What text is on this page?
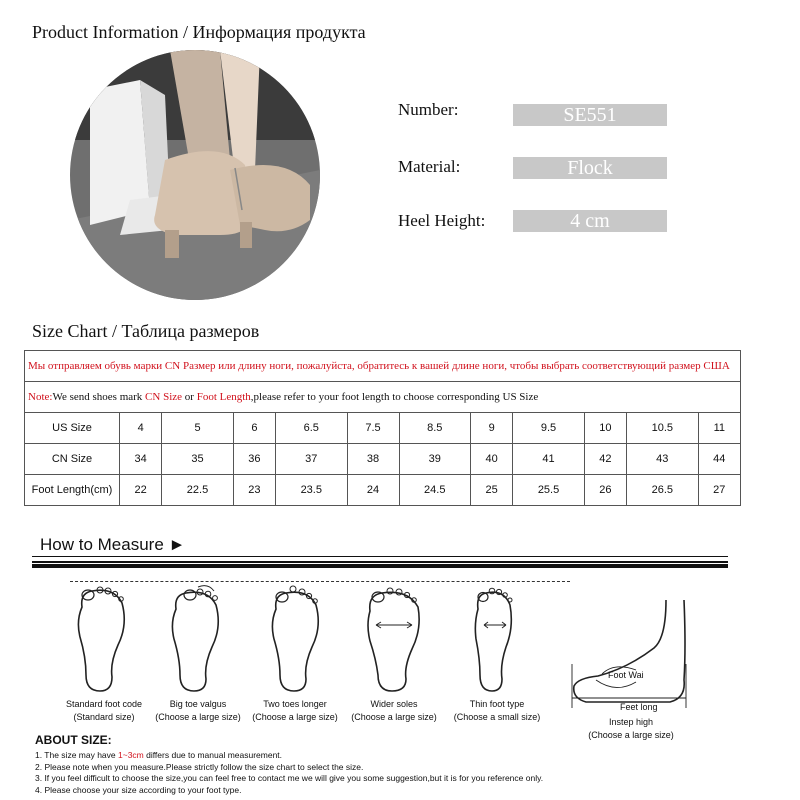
Product Information / Информация продукта
Number:	SE551
Material:	Flock
Heel Height:	4 cm
Size Chart / Таблица размеров
Мы отправляем обувь марки CN Размер или длину ноги, пожалуйста, обратитесь к вашей длине ноги, чтобы выбрать соответствующий размер США											
Note:We send shoes mark CN Size or Foot Length,please refer to your foot length to choose corresponding US Size											
US Size	4	5	6	6.5	7.5	8.5	9	9.5	10	10.5	11
CN Size	34	35	36	37	38	39	40	41	42	43	44
Foot Length(cm)	22	22.5	23	23.5	24	24.5	25	25.5	26	26.5	27
How to Measure ►
Standard foot code
(Standard size)
Big toe valgus
(Choose a large size)
Two toes longer
(Choose a large size)
Wider soles
(Choose a large size)
Thin foot type
(Choose a small size)
Foot Wai
Feet long
Instep high
(Choose a large size)
ABOUT SIZE:
1. The size may have 1~3cm differs due to manual measurement.
2. Please note when you measure.Please strictly follow the size chart to select the size.
3. If you feel difficult to choose the size,you can feel free to contact me we will give you some suggestion,but it is for you reference only.
4. Please choose your size according to your foot type.
